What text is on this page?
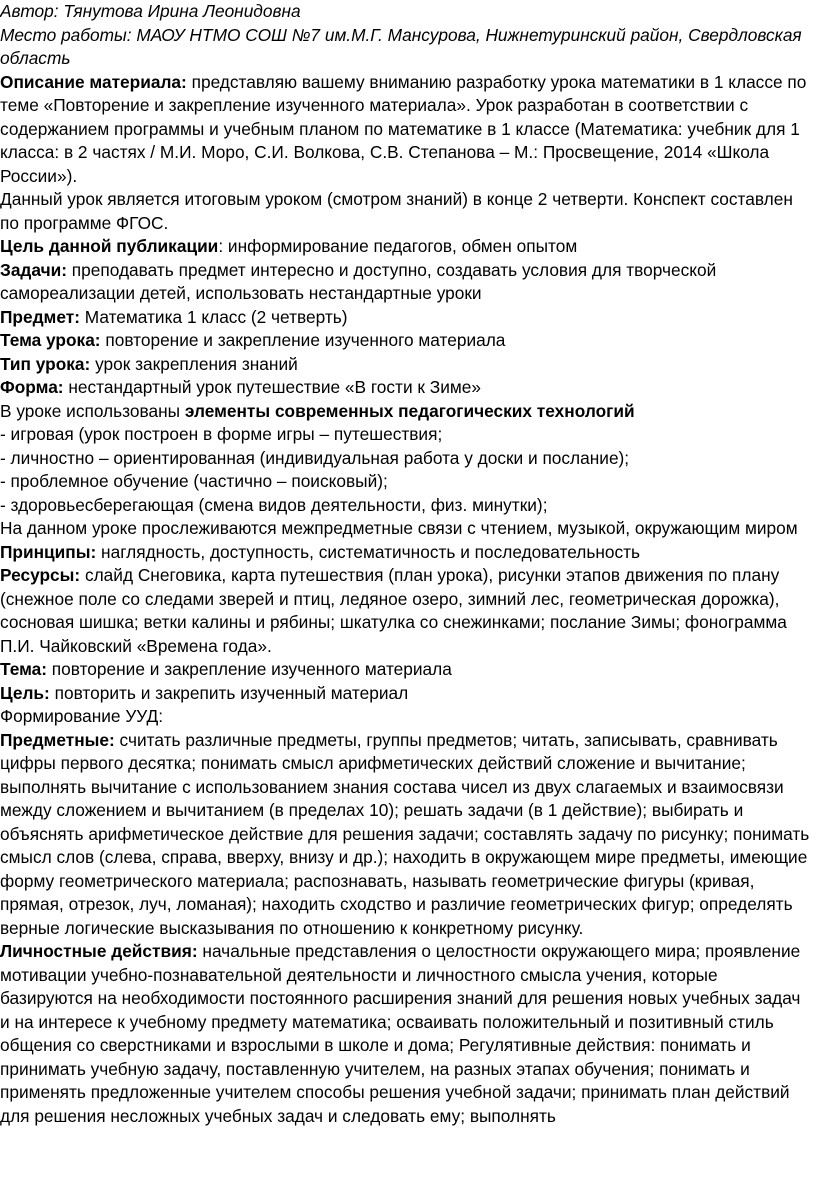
Автор: Тянутова Ирина Леонидовна

Место работы: МАОУ НТМО СОШ №7 им.М.Г. Мансурова, Нижнетуринский район, Свердловская область

Описание материала: представляю вашему вниманию разработку урока математики в 1 классе по теме «Повторение и закрепление изученного материала». Урок разработан в соответствии с содержанием программы и учебным планом по математике в 1 классе (Математика: учебник для 1 класса: в 2 частях / М.И. Моро, С.И. Волкова, С.В. Степанова – М.: Просвещение, 2014 «Школа России»).

Данный урок является итоговым уроком (смотром знаний) в конце 2 четверти. Конспект составлен по программе ФГОС.

Цель данной публикации: информирование педагогов, обмен опытом

Задачи: преподавать предмет интересно и доступно, создавать условия для творческой самореализации детей, использовать нестандартные уроки

Предмет: Математика 1 класс (2 четверть)

Тема урока: повторение и закрепление изученного материала

Тип урока: урок закрепления знаний

Форма: нестандартный урок путешествие «В гости к Зиме»

В уроке использованы элементы современных педагогических технологий

- игровая (урок построен в форме игры – путешествия;

- личностно – ориентированная (индивидуальная работа у доски и послание);

- проблемное обучение (частично – поисковый);

- здоровьесберегающая (смена видов деятельности, физ. минутки);

На данном уроке прослеживаются межпредметные связи с чтением, музыкой, окружающим миром

Принципы: наглядность, доступность, систематичность и последовательность

Ресурсы: слайд Снеговика, карта путешествия (план урока), рисунки этапов движения по плану (снежное поле со следами зверей и птиц, ледяное озеро, зимний лес, геометрическая дорожка), сосновая шишка; ветки калины и рябины; шкатулка со снежинками; послание Зимы; фонограмма П.И. Чайковский «Времена года».

Тема: повторение и закрепление изученного материала

Цель: повторить и закрепить изученный материал

Формирование УУД:

Предметные: считать различные предметы, группы предметов; читать, записывать, сравнивать цифры первого десятка; понимать смысл арифметических действий сложение и вычитание; выполнять вычитание с использованием знания состава чисел из двух слагаемых и взаимосвязи между сложением и вычитанием (в пределах 10); решать задачи (в 1 действие); выбирать и объяснять арифметическое действие для решения задачи; составлять задачу по рисунку; понимать смысл слов (слева, справа, вверху, внизу и др.); находить в окружающем мире предметы, имеющие форму геометрического материала; распознавать, называть геометрические фигуры (кривая, прямая, отрезок, луч, ломаная); находить сходство и различие геометрических фигур; определять верные логические высказывания по отношению к конкретному рисунку.

Личностные действия: начальные представления о целостности окружающего мира; проявление мотивации учебно-познавательной деятельности и личностного смысла учения, которые базируются на необходимости постоянного расширения знаний для решения новых учебных задач и на интересе к учебному предмету математика; осваивать положительный и позитивный стиль общения со сверстниками и взрослыми в школе и дома; Регулятивные действия: понимать и принимать учебную задачу, поставленную учителем, на разных этапах обучения; понимать и применять предложенные учителем способы решения учебной задачи; принимать план действий для решения несложных учебных задач и следовать ему; выполнять
